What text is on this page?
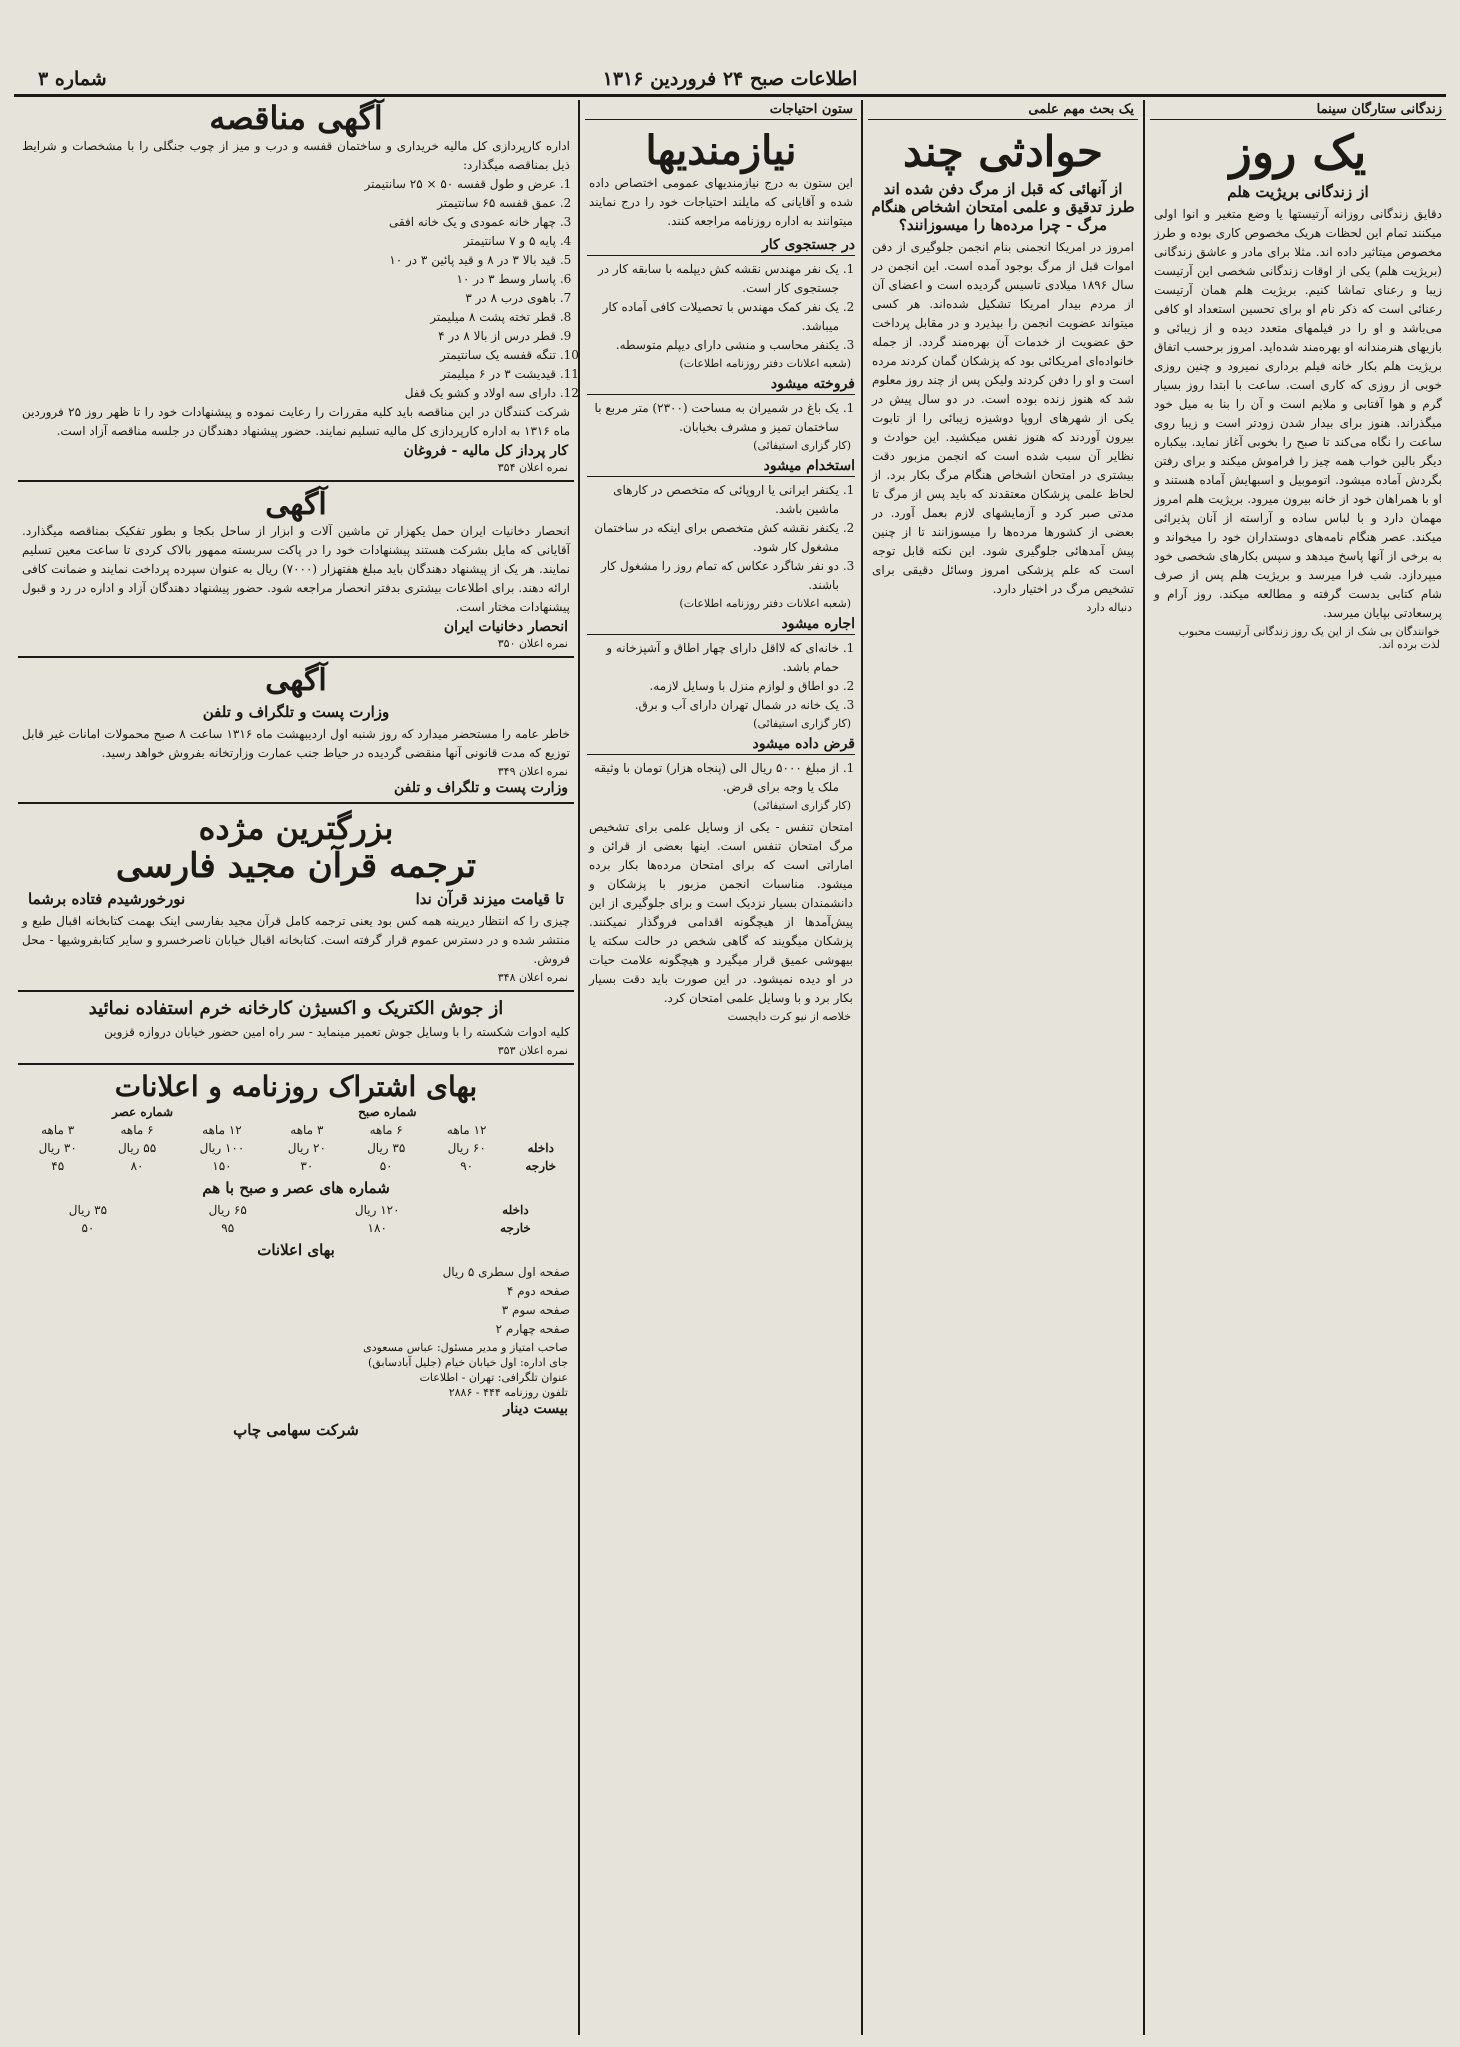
شماره ۳	اطلاعات صبح ۲۴ فروردین ۱۳۱۶
زندگانی ستارگان سینما
یک روز
از زندگانی بریژیت هلم
دقایق زندگانی روزانه آرتیستها یا وضع متغیر و انوا اولی میکنند تمام این لحظات هریک مخصوص کاری بوده و طرز مخصوص میتاثیر داده اند. مثلا برای مادر و عاشق زندگانی (بریژیت هلم) یکی از اوقات زندگانی شخصی این آرتیست زیبا و رعنای تماشا کنیم. بریژیت هلم همان آرتیست رعنائی است که ذکر نام او برای تحسین استعداد او کافی می‌باشد و او را در فیلمهای متعدد دیده و از زیبائی و بازیهای هنرمندانه او بهره‌مند شده‌اید. امروز برحسب اتفاق بریژیت هلم بکار خانه فیلم برداری نمیرود و چنین روزی خوبی از روزی که کاری است. ساعت با ابتدا روز بسیار گرم و هوا آفتابی و ملایم است و آن را بنا به میل خود میگذراند. هنوز برای بیدار شدن زودتر است و زیبا روی ساعت را نگاه می‌کند تا صبح را بخوبی آغاز نماید. بیکباره دیگر بالین خواب همه چیز را فراموش میکند و برای رفتن بگردش آماده میشود. اتوموبیل و اسبهایش آماده هستند و او با همراهان خود از خانه بیرون میرود. بریژیت هلم امروز مهمان دارد و با لباس ساده و آراسته از آنان پذیرائی میکند. عصر هنگام نامه‌های دوستداران خود را میخواند و به برخی از آنها پاسخ میدهد و سپس بکارهای شخصی خود میپردازد. شب فرا میرسد و بریژیت هلم پس از صرف شام کتابی بدست گرفته و مطالعه میکند. روز آرام و پرسعادتی بپایان میرسد.
خوانندگان بی شک از این یک روز زندگانی آرتیست محبوب لذت برده اند.
یک بحث مهم علمی
حوادثی چند
از آنهائی که قبل از مرگ دفن شده اند طرز تدقیق و علمی امتحان اشخاص هنگام مرگ - چرا مرده‌ها را میسوزانند؟
امروز در امریکا انجمنی بنام انجمن جلوگیری از دفن اموات قبل از مرگ بوجود آمده است. این انجمن در سال ۱۸۹۶ میلادی تاسیس گردیده است و اعضای آن از مردم بیدار امریکا تشکیل شده‌اند. هر کسی میتواند عضویت انجمن را بپذیرد و در مقابل پرداخت حق عضویت از خدمات آن بهره‌مند گردد. از جمله خانواده‌ای امریکائی بود که پزشکان گمان کردند مرده است و او را دفن کردند ولیکن پس از چند روز معلوم شد که هنوز زنده بوده است. در دو سال پیش در یکی از شهرهای اروپا دوشیزه زیبائی را از تابوت بیرون آوردند که هنوز نفس میکشید. این حوادث و نظایر آن سبب شده است که انجمن مزبور دقت بیشتری در امتحان اشخاص هنگام مرگ بکار برد. از لحاظ علمی پزشکان معتقدند که باید پس از مرگ تا مدتی صبر کرد و آزمایشهای لازم بعمل آورد. در بعضی از کشورها مرده‌ها را میسوزانند تا از چنین پیش آمدهائی جلوگیری شود. این نکته قابل توجه است که علم پزشکی امروز وسائل دقیقی برای تشخیص مرگ در اختیار دارد.
دنباله دارد
ستون احتیاجات
نیازمندیها
این ستون به درج نیازمندیهای عمومی اختصاص داده شده و آقایانی که مایلند احتیاجات خود را درج نمایند میتوانند به اداره روزنامه مراجعه کنند.
در جستجوی کار
1. یک نفر مهندس نقشه کش دیپلمه با سابقه کار در جستجوی کار است.
2. یک نفر کمک مهندس با تحصیلات کافی آماده کار میباشد.
3. یکنفر محاسب و منشی دارای دیپلم متوسطه.
(شعبه اعلانات دفتر روزنامه اطلاعات)
فروخته میشود
1. یک باغ در شمیران به مساحت (۲۳۰۰) متر مربع با ساختمان تمیز و مشرف بخیابان.
(کار گزاری استیفائی)
استخدام میشود
1. یکنفر ایرانی یا اروپائی که متخصص در کارهای ماشین باشد.
2. یکنفر نقشه کش متخصص برای اینکه در ساختمان مشغول کار شود.
3. دو نفر شاگرد عکاس که تمام روز را مشغول کار باشند.
(شعبه اعلانات دفتر روزنامه اطلاعات)
اجاره میشود
1. خانه‌ای که لااقل دارای چهار اطاق و آشپزخانه و حمام باشد.
2. دو اطاق و لوازم منزل با وسایل لازمه.
3. یک خانه در شمال تهران دارای آب و برق.
(کار گزاری استیفائی)
قرض داده میشود
1. از مبلغ ۵۰۰۰ ریال الی (پنجاه هزار) تومان با وثیقه ملک یا وجه برای قرض.
(کار گزاری استیفائی)
امتحان تنفس - یکی از وسایل علمی برای تشخیص مرگ امتحان تنفس است. اینها بعضی از قرائن و اماراتی است که برای امتحان مرده‌ها بکار برده میشود. مناسبات انجمن مزبور با پزشکان و دانشمندان بسیار نزدیک است و برای جلوگیری از این پیش‌آمدها از هیچگونه اقدامی فروگذار نمیکنند. پزشکان میگویند که گاهی شخص در حالت سکته یا بیهوشی عمیق قرار میگیرد و هیچگونه علامت حیات در او دیده نمیشود. در این صورت باید دقت بسیار بکار برد و با وسایل علمی امتحان کرد.
خلاصه از نیو کرت دایجست
آگهی مناقصه
اداره کارپردازی کل مالیه خریداری و ساختمان قفسه و درب و میز از چوب جنگلی را با مشخصات و شرایط ذیل بمناقصه میگذارد:
1. عرض و طول قفسه ۵۰ × ۲۵ سانتیمتر
2. عمق قفسه ۶۵ سانتیمتر
3. چهار خانه عمودی و یک خانه افقی
4. پایه ۵ و ۷ سانتیمتر
5. قید بالا ۳ در ۸ و قید پائین ۳ در ۱۰
6. پاسار وسط ۳ در ۱۰
7. باهوی درب ۸ در ۳
8. قطر تخته پشت ۸ میلیمتر
9. قطر درس از بالا ۸ در ۴
10. تنگه قفسه یک سانتیمتر
11. قیدیشت ۳ در ۶ میلیمتر
12. دارای سه اولاد و کشو یک قفل
شرکت کنندگان در این مناقصه باید کلیه مقررات را رعایت نموده و پیشنهادات خود را تا ظهر روز ۲۵ فروردین ماه ۱۳۱۶ به اداره کارپردازی کل مالیه تسلیم نمایند. حضور پیشنهاد دهندگان در جلسه مناقصه آزاد است.
کار پرداز کل مالیه - فروغان
نمره اعلان ۳۵۴
آگهی
انحصار دخانیات ایران حمل یکهزار تن ماشین آلات و ابزار از ساحل بکجا و بطور تفکیک بمناقصه میگذارد. آقایانی که مایل بشرکت هستند پیشنهادات خود را در پاکت سربسته ممهور بالاک کردی تا ساعت معین تسلیم نمایند. هر یک از پیشنهاد دهندگان باید مبلغ هفتهزار (۷۰۰۰) ریال به عنوان سپرده پرداخت نمایند و ضمانت کافی ارائه دهند. برای اطلاعات بیشتری بدفتر انحصار مراجعه شود. حضور پیشنهاد دهندگان آزاد و اداره در رد و قبول پیشنهادات مختار است.
انحصار دخانیات ایران
نمره اعلان ۳۵۰
آگهی
وزارت پست و تلگراف و تلفن
خاطر عامه را مستحضر میدارد که روز شنبه اول اردیبهشت ماه ۱۳۱۶ ساعت ۸ صبح محمولات امانات غیر قابل توزیع که مدت قانونی آنها منقضی گردیده در حیاط جنب عمارت وزارتخانه بفروش خواهد رسید.
نمره اعلان ۳۴۹
وزارت پست و تلگراف و تلفن
بزرگترین مژده
ترجمه قرآن مجید فارسی
تا قیامت میزند قرآن ندا
نورخورشیدم فتاده برشما
چیزی را که انتظار دیرینه همه کس بود یعنی ترجمه کامل قرآن مجید بفارسی اینک بهمت کتابخانه اقبال طبع و منتشر شده و در دسترس عموم قرار گرفته است. کتابخانه اقبال خیابان ناصرخسرو و سایر کتابفروشیها - محل فروش.
نمره اعلان ۳۴۸
از جوش الکتریک و اکسیژن کارخانه خرم استفاده نمائید
کلیه ادوات شکسته را با وسایل جوش تعمیر مینماید - سر راه امین حضور خیابان دروازه قزوین
نمره اعلان ۳۵۳
بهای اشتراک روزنامه و اعلانات
	شماره صبح			شماره عصر		
	۱۲ ماهه	۶ ماهه	۳ ماهه	۱۲ ماهه	۶ ماهه	۳ ماهه
داخله	۶۰ ریال	۳۵ ریال	۲۰ ریال	۱۰۰ ریال	۵۵ ریال	۳۰ ریال
خارجه	۹۰	۵۰	۳۰	۱۵۰	۸۰	۴۵
شماره های عصر و صبح با هم
داخله	۱۲۰ ریال	۶۵ ریال	۳۵ ریال
خارجه	۱۸۰	۹۵	۵۰
بهای اعلانات
صفحه اول سطری ۵ ریال
صفحه دوم ۴
صفحه سوم ۳
صفحه چهارم ۲
صاحب امتیاز و مدیر مسئول: عباس مسعودی
جای اداره: اول خیابان خیام (جلیل آبادسابق)
عنوان تلگرافی: تهران - اطلاعات
تلفون روزنامه ۴۴۴ - ۲۸۸۶
بیست دینار
شرکت سهامی چاپ
